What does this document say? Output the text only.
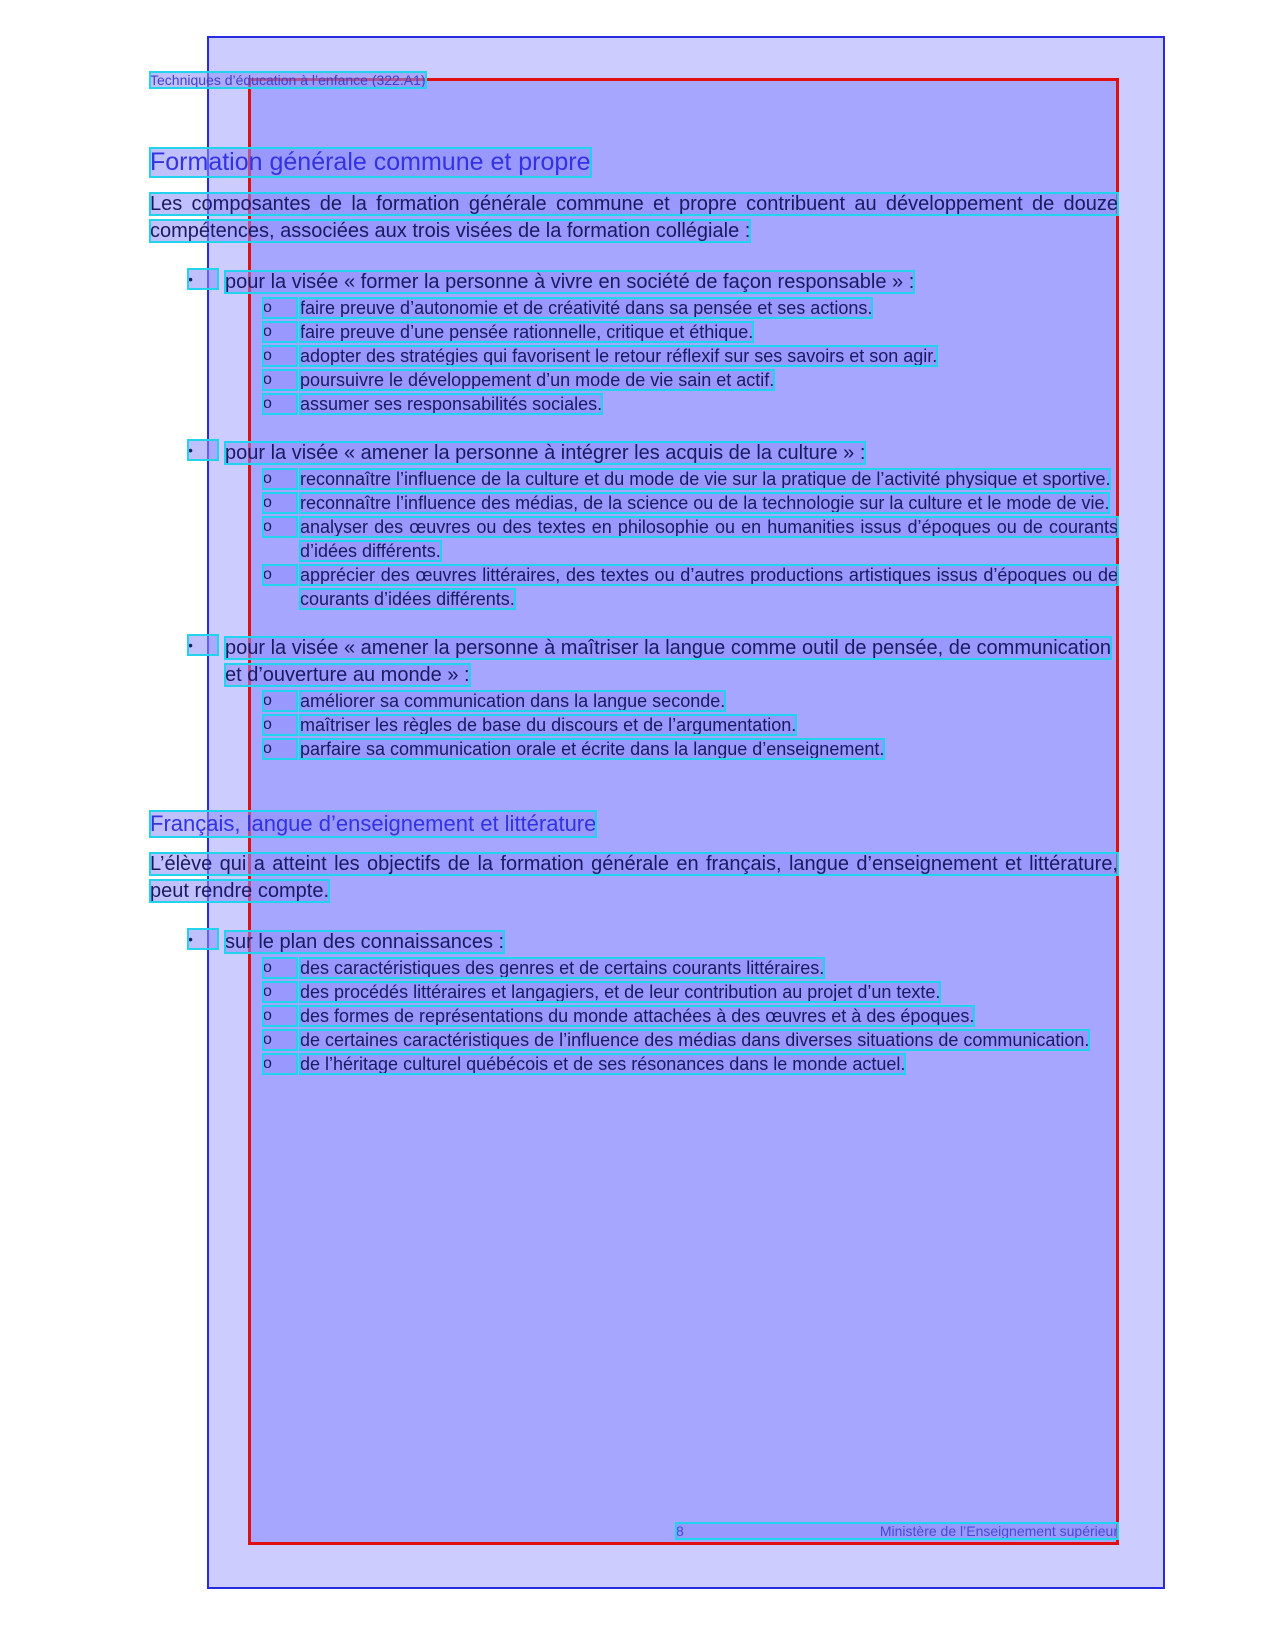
Techniques d’éducation à l’enfance (322.A1)
Formation générale commune et propre
Les composantes de la formation générale commune et propre contribuent au développement de douze compétences, associées aux trois visées de la formation collégiale :
•	pour la visée « former la personne à vivre en société de façon responsable » :
o	faire preuve d’autonomie et de créativité dans sa pensée et ses actions.
o	faire preuve d’une pensée rationnelle, critique et éthique.
o	adopter des stratégies qui favorisent le retour réflexif sur ses savoirs et son agir.
o	poursuivre le développement d’un mode de vie sain et actif.
o	assumer ses responsabilités sociales.
•	pour la visée « amener la personne à intégrer les acquis de la culture » :
o	reconnaître l’influence de la culture et du mode de vie sur la pratique de l’activité physique et sportive.
o	reconnaître l’influence des médias, de la science ou de la technologie sur la culture et le mode de vie.
o	analyser des œuvres ou des textes en philosophie ou en humanities issus d’époques ou de courants d’idées différents.
o	apprécier des œuvres littéraires, des textes ou d’autres productions artistiques issus d’époques ou de courants d’idées différents.
•	pour la visée « amener la personne à maîtriser la langue comme outil de pensée, de communication et d’ouverture au monde » :
o	améliorer sa communication dans la langue seconde.
o	maîtriser les règles de base du discours et de l’argumentation.
o	parfaire sa communication orale et écrite dans la langue d’enseignement.
Français, langue d’enseignement et littérature
L’élève qui a atteint les objectifs de la formation générale en français, langue d’enseignement et littérature, peut rendre compte.
•	sur le plan des connaissances :
o	des caractéristiques des genres et de certains courants littéraires.
o	des procédés littéraires et langagiers, et de leur contribution au projet d’un texte.
o	des formes de représentations du monde attachées à des œuvres et à des époques.
o	de certaines caractéristiques de l’influence des médias dans diverses situations de communication.
o	de l’héritage culturel québécois et de ses résonances dans le monde actuel.
8	Ministère de l’Enseignement supérieur
